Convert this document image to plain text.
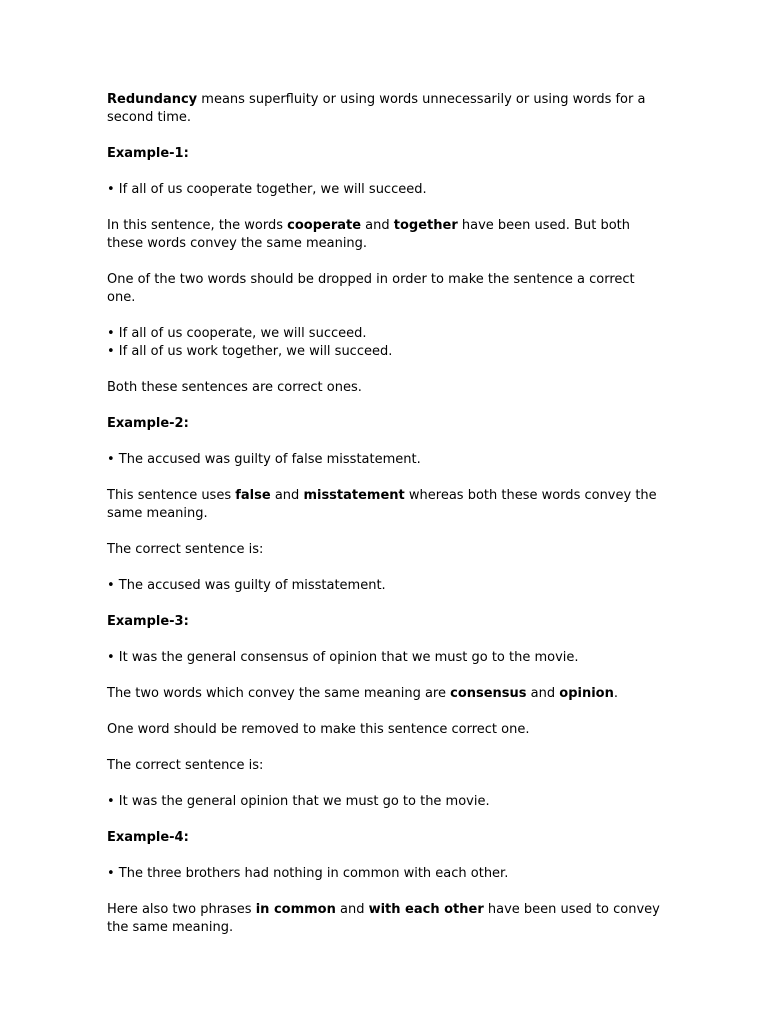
Redundancy means superfluity or using words unnecessarily or using words for a second time.

Example-1:

• If all of us cooperate together, we will succeed.

In this sentence, the words cooperate and together have been used. But both these words convey the same meaning.

One of the two words should be dropped in order to make the sentence a correct one.

• If all of us cooperate, we will succeed.

• If all of us work together, we will succeed.

Both these sentences are correct ones.

Example-2:

• The accused was guilty of false misstatement.

This sentence uses false and misstatement whereas both these words convey the same meaning.

The correct sentence is:

• The accused was guilty of misstatement.

Example-3:

• It was the general consensus of opinion that we must go to the movie.

The two words which convey the same meaning are consensus and opinion.

One word should be removed to make this sentence correct one.

The correct sentence is:

• It was the general opinion that we must go to the movie.

Example-4:

• The three brothers had nothing in common with each other.

Here also two phrases in common and with each other have been used to convey the same meaning.
